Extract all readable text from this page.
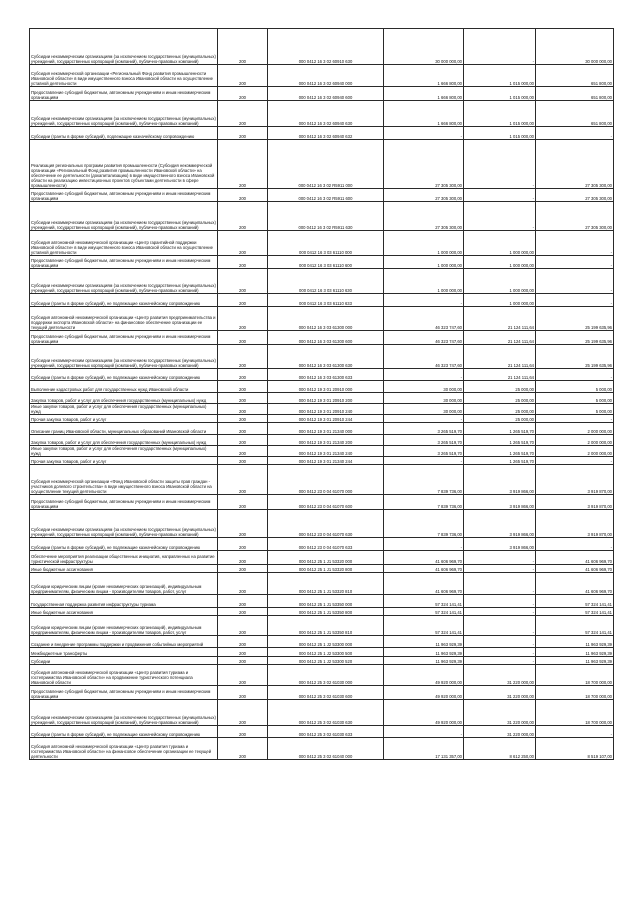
Субсидии некоммерческим организациям (за исключением государственных (муниципальных) учреждений, государственных корпораций (компаний), публично-правовых компаний)	200	000 0412 16 3 02 60910 630	30 000 000,00	-	30 000 000,00
Субсидия некоммерческой организации «Региональный Фонд развития промышленности Ивановской области» в виде имущественного взноса Ивановской области на осуществление уставной деятельности	200	000 0412 16 3 02 60940 000	1 666 800,00	1 015 000,00	651 800,00
Предоставление субсидий бюджетным, автономным учреждениям и иным некоммерческим организациям	200	000 0412 16 3 02 60940 600	1 666 800,00	1 015 000,00	651 800,00
Субсидии некоммерческим организациям (за исключением государственных (муниципальных) учреждений, государственных корпораций (компаний), публично-правовых компаний)	200	000 0412 16 3 02 60940 630	1 666 800,00	1 015 000,00	651 800,00
Субсидии (гранты в форме субсидий), подлежащие казначейскому сопровождению	200	000 0412 16 3 02 60940 632	-	1 015 000,00	-
Реализация региональных программ развития промышленности (Субсидия некоммерческой организации «Региональный Фонд развития промышленности Ивановской области» на обеспечение ее деятельности (докапитализацию) в виде имущественного взноса Ивановской области на реализацию инвестиционных проектов субъектами деятельности в сфере промышленности)	200	000 0412 16 3 02 R5911 000	27 305 300,00	-	27 305 300,00
Предоставление субсидий бюджетным, автономным учреждениям и иным некоммерческим организациям	200	000 0412 16 3 02 R5911 600	27 305 300,00	-	27 305 300,00
Субсидии некоммерческим организациям (за исключением государственных (муниципальных) учреждений, государственных корпораций (компаний), публично-правовых компаний)	200	000 0412 16 3 02 R5911 630	27 305 300,00	-	27 305 300,00
Субсидия автономной некоммерческой организации «Центр гарантийной поддержки Ивановской области» в виде имущественного взноса Ивановской области на осуществление уставной деятельности	200	000 0412 16 3 03 61110 000	1 000 000,00	1 000 000,00	-
Предоставление субсидий бюджетным, автономным учреждениям и иным некоммерческим организациям	200	000 0412 16 3 03 61110 600	1 000 000,00	1 000 000,00	-
Субсидии некоммерческим организациям (за исключением государственных (муниципальных) учреждений, государственных корпораций (компаний), публично-правовых компаний)	200	000 0412 16 3 03 61110 630	1 000 000,00	1 000 000,00	-
Субсидии (гранты в форме субсидий), не подлежащие казначейскому сопровождению	200	000 0412 16 3 03 61110 633	-	1 000 000,00	-
Субсидия автономной некоммерческой организации «Центр развития предпринимательства и поддержки экспорта Ивановской области» на финансовое обеспечение организации ее текущей деятельности	200	000 0412 16 3 03 61300 000	46 323 747,60	21 124 111,64	25 199 635,96
Предоставление субсидий бюджетным, автономным учреждениям и иным некоммерческим организациям	200	000 0412 16 3 03 61300 600	46 323 747,60	21 124 111,64	25 199 635,96
Субсидии некоммерческим организациям (за исключением государственных (муниципальных) учреждений, государственных корпораций (компаний), публично-правовых компаний)	200	000 0412 16 3 03 61300 630	46 323 747,60	21 124 111,64	25 199 635,96
Субсидии (гранты в форме субсидий), не подлежащие казначейскому сопровождению	200	000 0412 16 3 03 61300 633	-	21 124 111,64	-
Выполнение кадастровых работ для государственных нужд Ивановской области	200	000 0412 19 3 01 20910 000	30 000,00	25 000,00	5 000,00
Закупка товаров, работ и услуг для обеспечения государственных (муниципальных) нужд	200	000 0412 19 3 01 20910 200	30 000,00	25 000,00	5 000,00
Иные закупки товаров, работ и услуг для обеспечения государственных (муниципальных) нужд	200	000 0412 19 3 01 20910 240	30 000,00	25 000,00	5 000,00
Прочая закупка товаров, работ и услуг	200	000 0412 19 3 01 20910 244	-	25 000,00	-
Описание границ Ивановской области, муниципальных образований Ивановской области	200	000 0412 19 3 01 21340 000	3 265 519,70	1 265 519,70	2 000 000,00
Закупка товаров, работ и услуг для обеспечения государственных (муниципальных) нужд	200	000 0412 19 3 01 21340 200	3 265 519,70	1 265 519,70	2 000 000,00
Иные закупки товаров, работ и услуг для обеспечения государственных (муниципальных) нужд	200	000 0412 19 3 01 21340 240	3 265 519,70	1 265 519,70	2 000 000,00
Прочая закупка товаров, работ и услуг	200	000 0412 19 3 01 21340 244	-	1 265 519,70	-
Субсидия некоммерческой организации «Фонд Ивановской области защиты прав граждан - участников долевого строительства» в виде имущественного взноса Ивановской области на осуществление текущей деятельности	200	000 0412 23 0 04 61070 000	7 839 736,00	3 919 866,00	3 919 870,00
Предоставление субсидий бюджетным, автономным учреждениям и иным некоммерческим организациям	200	000 0412 23 0 04 61070 600	7 839 736,00	3 919 866,00	3 919 870,00
Субсидии некоммерческим организациям (за исключением государственных (муниципальных) учреждений, государственных корпораций (компаний), публично-правовых компаний)	200	000 0412 23 0 04 61070 630	7 839 736,00	3 919 866,00	3 919 870,00
Субсидии (гранты в форме субсидий), не подлежащие казначейскому сопровождению	200	000 0412 23 0 04 61070 633	-	3 919 866,00	-
Обеспечение мероприятия реализации общественных инициатив, направленных на развитие туристической инфраструктуры	200	000 0412 25 1 J1 53320 000	41 606 969,70	-	41 606 969,70
Иные бюджетные ассигнования	200	000 0412 25 1 J1 53320 800	41 606 969,70	-	41 606 969,70
Субсидии юридическим лицам (кроме некоммерческих организаций), индивидуальным предпринимателям, физическим лицам - производителям товаров, работ, услуг	200	000 0412 25 1 J1 53320 810	41 606 969,70	-	41 606 969,70
Государственная поддержка развития инфраструктуры туризма	200	000 0412 25 1 J1 53350 000	57 324 141,41	-	57 324 141,41
Иные бюджетные ассигнования	200	000 0412 25 1 J1 53350 800	57 324 141,41	-	57 324 141,41
Субсидии юридическим лицам (кроме некоммерческих организаций), индивидуальным предпринимателям, физическим лицам - производителям товаров, работ, услуг	200	000 0412 25 1 J1 53350 810	57 324 141,41	-	57 324 141,41
Создание и внедрение программы поддержки и продвижения событийных мероприятий	200	000 0412 25 1 J2 53300 000	11 963 929,39	-	11 963 929,39
Межбюджетные трансферты	200	000 0412 25 1 J2 53300 500	11 963 929,39	-	11 963 929,39
Субсидии	200	000 0412 25 1 J2 53300 520	11 963 929,39	-	11 963 929,39
Субсидия автономной некоммерческой организации «Центр развития туризма и гостеприимства Ивановской области» на продвижение туристического потенциала Ивановской области	200	000 0412 25 3 02 61030 000	49 920 000,00	31 220 000,00	18 700 000,00
Предоставление субсидий бюджетным, автономным учреждениям и иным некоммерческим организациям	200	000 0412 25 3 02 61030 600	49 920 000,00	31 220 000,00	18 700 000,00
Субсидии некоммерческим организациям (за исключением государственных (муниципальных) учреждений, государственных корпораций (компаний), публично-правовых компаний)	200	000 0412 25 3 02 61030 630	49 920 000,00	31 220 000,00	18 700 000,00
Субсидии (гранты в форме субсидий), не подлежащие казначейскому сопровождению	200	000 0412 25 3 02 61030 633	-	31 220 000,00	-
Субсидия автономной некоммерческой организации «Центр развития туризма и гостеприимства Ивановской области» на финансовое обеспечение организации ее текущей деятельности	200	000 0412 25 3 02 61040 000	17 131 357,00	8 612 250,00	8 519 107,00
